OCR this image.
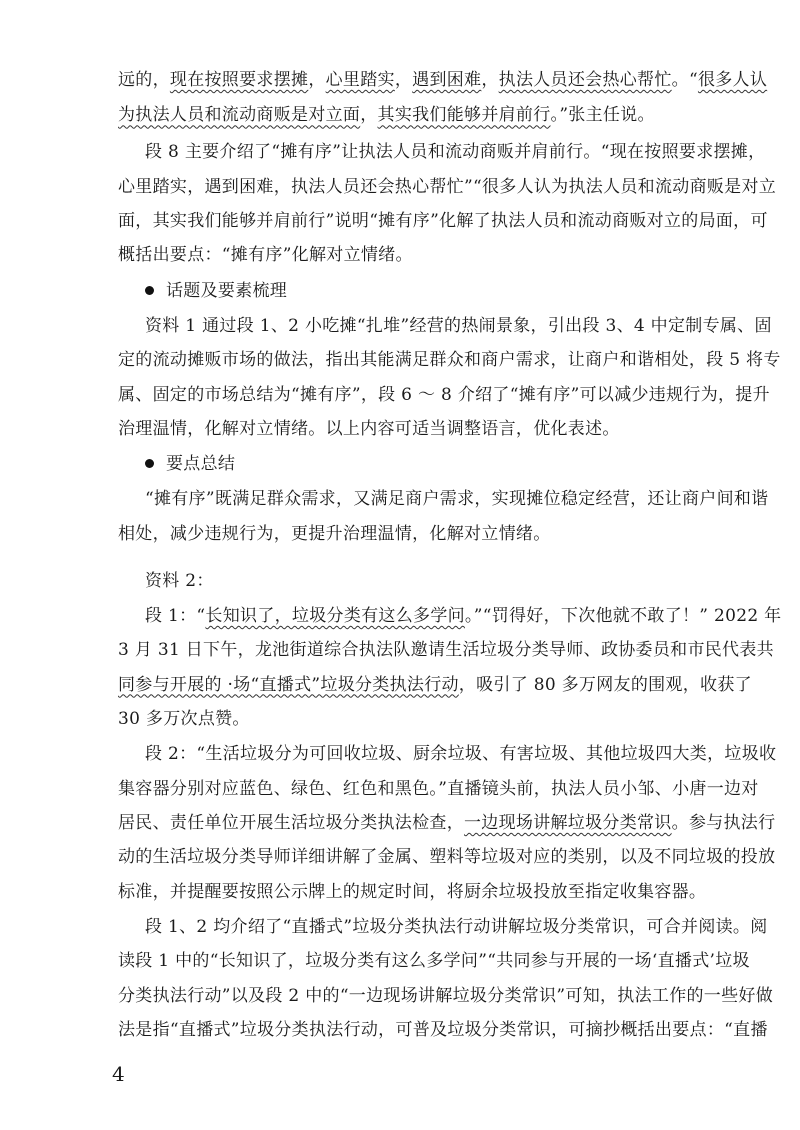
远的，现在按照要求摆摊，心里踏实，遇到困难，执法人员还会热心帮忙。“很多人认
为执法人员和流动商贩是对立面，其实我们能够并肩前行。”张主任说。
段 8 主要介绍了“摊有序”让执法人员和流动商贩并肩前行。“现在按照要求摆摊，
心里踏实，遇到困难，执法人员还会热心帮忙”“很多人认为执法人员和流动商贩是对立
面，其实我们能够并肩前行”说明“摊有序”化解了执法人员和流动商贩对立的局面，可
概括出要点：“摊有序”化解对立情绪。
话题及要素梳理
资料 1 通过段 1、2 小吃摊“扎堆”经营的热闹景象，引出段 3、4 中定制专属、固
定的流动摊贩市场的做法，指出其能满足群众和商户需求，让商户和谐相处，段 5 将专
属、固定的市场总结为“摊有序”，段 6 ～ 8 介绍了“摊有序”可以减少违规行为，提升
治理温情，化解对立情绪。以上内容可适当调整语言，优化表述。
要点总结
“摊有序”既满足群众需求，又满足商户需求，实现摊位稳定经营，还让商户间和谐
相处，减少违规行为，更提升治理温情，化解对立情绪。
资料 2：
段 1：“长知识了，垃圾分类有这么多学问。”“罚得好，下次他就不敢了！” 2022 年
3 月 31 日下午，龙池街道综合执法队邀请生活垃圾分类导师、政协委员和市民代表共
同参与开展的 ·场“直播式”垃圾分类执法行动，吸引了 80 多万网友的围观，收获了
30 多万次点赞。
段 2：“生活垃圾分为可回收垃圾、厨余垃圾、有害垃圾、其他垃圾四大类，垃圾收
集容器分别对应蓝色、绿色、红色和黑色。”直播镜头前，执法人员小邹、小唐一边对
居民、责任单位开展生活垃圾分类执法检查，一边现场讲解垃圾分类常识。参与执法行
动的生活垃圾分类导师详细讲解了金属、塑料等垃圾对应的类别，以及不同垃圾的投放
标准，并提醒要按照公示牌上的规定时间，将厨余垃圾投放至指定收集容器。
段 1、2 均介绍了“直播式”垃圾分类执法行动讲解垃圾分类常识，可合并阅读。阅
读段 1 中的“长知识了，垃圾分类有这么多学问”“共同参与开展的一场‘直播式’垃圾
分类执法行动”以及段 2 中的“一边现场讲解垃圾分类常识”可知，执法工作的一些好做
法是指“直播式”垃圾分类执法行动，可普及垃圾分类常识，可摘抄概括出要点：“直播
4
